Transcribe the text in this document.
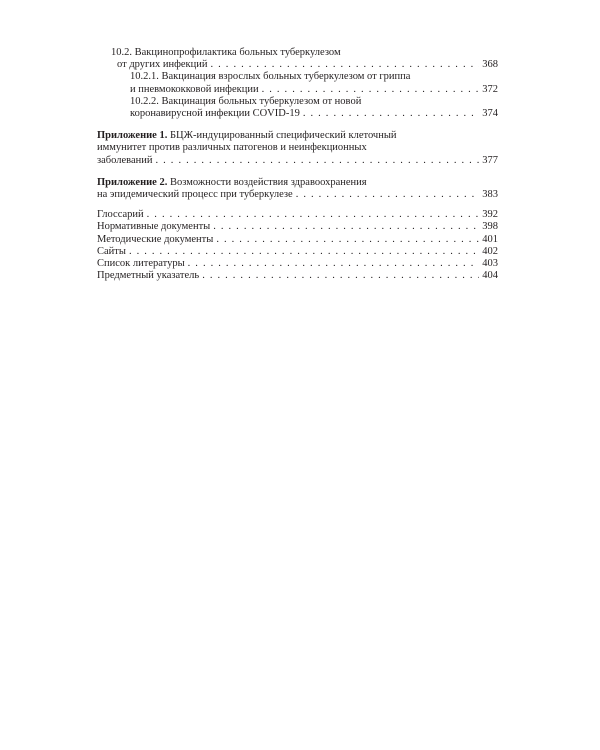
10.2. Вакцинопрофилактика больных туберкулезом
от других инфекций . . .	368
10.2.1. Вакцинация взрослых больных туберкулезом от гриппа
и пневмококковой инфекции . . .	372
10.2.2. Вакцинация больных туберкулезом от новой
коронавирусной инфекции COVID-19 . . .	374
Приложение 1. БЦЖ-индуцированный специфический клеточный
иммунитет против различных патогенов и неинфекционных
заболеваний . . .	377
Приложение 2. Возможности воздействия здравоохранения
на эпидемический процесс при туберкулезе . . .	383
Глоссарий . . .	392
Нормативные документы . . .	398
Методические документы . . .	401
Сайты . . .	402
Список литературы . . .	403
Предметный указатель . . .	404
